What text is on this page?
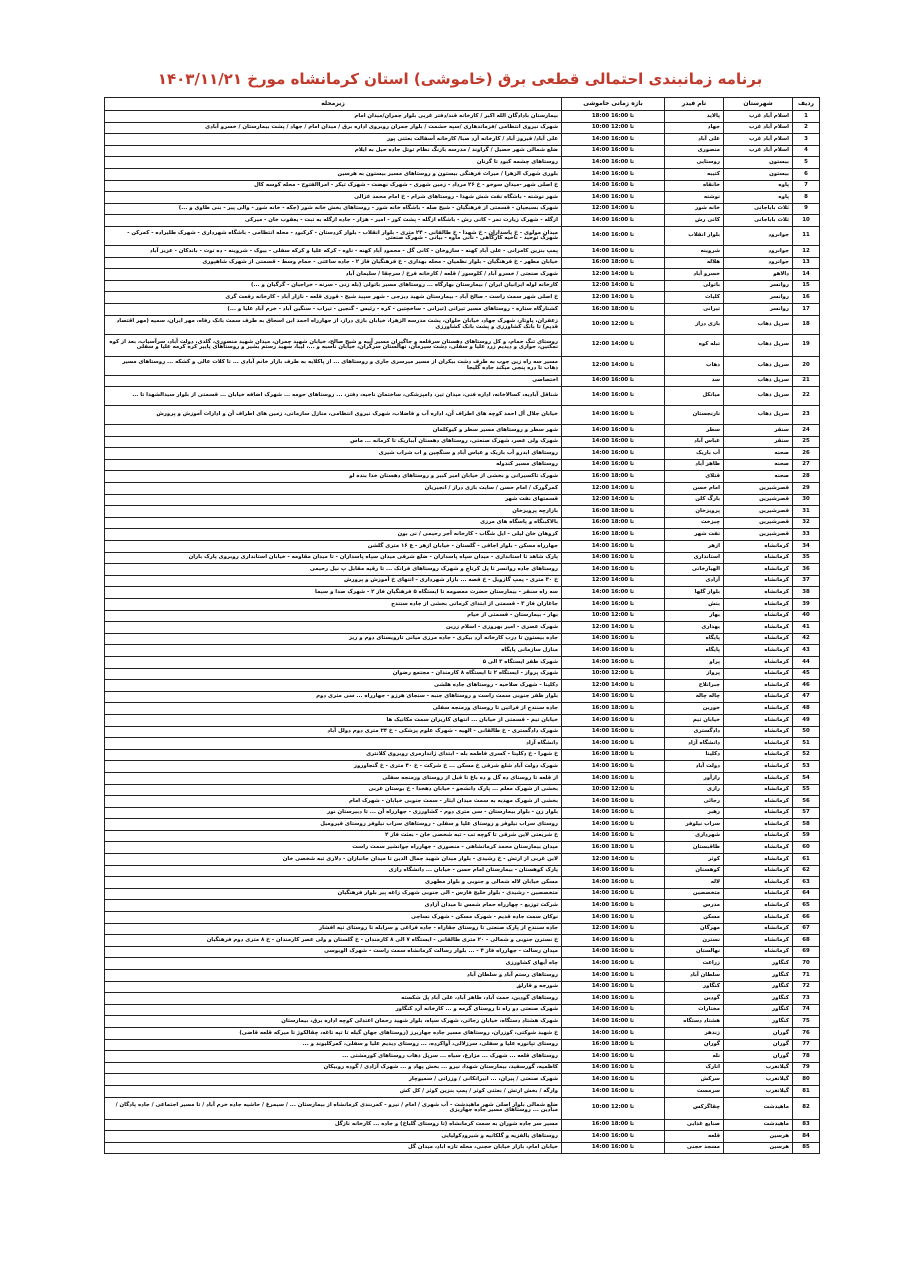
برنامه زمانبندی احتمالی قطعی برق (خاموشی) استان کرمانشاه مورخ ۱۴۰۳/۱۱/۲۱
ردیف	شهرستان	نام فیدر	بازه زمانی خاموشی	زیرمحله
1	اسلام آباد غرب	پالاید	18:00 تا 16:00	بیمارستان بادادگان الله اکبر / کارخانه قند/دفتر غربی بلوار جمران/میدان امام
2	اسلام آباد غرب	جهاد	10:00 تا 12:00	شهرک نیروی انتظامی /فرماندهاری /سپه حشمت / بلوار جمران روبروی اداره برق / میدان امام / جهاد / پشت بیمارستان / خسرو آبادی
3	اسلام آباد غرب	علی آباد	14:00 تا 16:00	علی آباد/ فیروز آباد / کارخانه آرد صبا/ کارخانه آسفالت بعثتی پور
4	اسلام آباد غرب	منصوری	14:00 تا 16:00	ضلع شمالی شهر حصیل / گراوند / مدرسه بازنگ نظام توتل جاده حیل به ایلام
5	بیستون	روستایی	14:00 تا 16:00	روستاهای چشمه کبود تا گرنان
6	بیستون	کتیبه	14:00 تا 16:00	بلوری شهرک الزهرا / میراث فرهنگی بیستون و روستاهای مسیر بیستون به هرسین
7	پاوه	خانقاه	14:00 تا 16:00	خ اصلی شهر -میدان سوخو - خ ۲۶ مرداد - زمین شهری - شهرک نهضت - شهرک تیکر - امراالفتوح - محله کوسه کال
8	پاوه	نوشته	14:00 تا 16:00	شهر نوشته - باشگاه نفت شش شهدا - روستاهای شرام - خ امام محمد غزالی
9	ثلاث باباجانی	خانه شور	12:00 تا 14:00	شهرک بسیجیان - قسمتی از فرهنگیان - شیخ صله - باشگاه خانه شور - روستاهای بخش خانه شور (جکه - خانه شور - والی پیر - بنی طاوی و ...)
10	ثلاث باباجانی	کانی رش	14:00 تا 16:00	ازگله - شهرک زیارت نمر - کانی رش - باشگاه ازگله - پشت کور - امیر - هزار - جاده ازگله به تبت - یعقوب خان - میرکی
11	جوانرود	بلوار انقلاب	14:00 تا 16:00	میدان مولوی - خ پاسداران - خ شهدا - خ طالقانی - ۲۴ متری - بلوار انقلاب - بلوار کردستان - کرکبود - محله انتظامی - باشگاه شهرداری - شهرک طلیراده - کمرکن - شهرک توحید - ناحیه کارگاهی - نانی ماوه - بیانی - شهرک صنعتی
12	جوانرود	شروینه	14:00 تا 16:00	پمپ بنزین کامرانی - علی آباد کهنه - سازوخان - کانی گل - محمود آباد کهنه - ناوه - کرکه علیا و کرکه سفلی - بیوک - شروینه - ده توت - باندکان - عزیز آباد
13	جوانرود	هلاله	16:00 تا 18:00	خیابان مطهر - خ فرهنگیان - بلوار نظمیان - محله بهداری - خ فرهنگیان فاز ۲ - جاده ساعتی - حمام وسط - قسمتی از شهرک شاهپوری
14	دالاهو	خسرو آباد	12:00 تا 14:00	شهرک صنعتی / خسرو آباد / کلوسور / قلعه / کارخانه فرخ / سرچقا / سلیمان آباد
15	روانسر	باتولی	12:00 تا 14:00	کارخانه لوله ایرانیان ایران / بیمارستان بهارگاه ... روستاهای مسیر باتولی (بله زنی - سرنه - خراجیان - گرگیان و ...)
16	روانسر	کلیات	12:00 تا 14:00	خ اصلی شهر سمت راست - صالح آباد - بیمارستان شهید دیزجی - شهر سپید شیخ - قوری قلعه - نازار آباد - کارخانه رفعت گری
17	روانسر	تیرانی	16:00 تا 18:00	کشتارگاه ستاره - روستاهای مسیر تیرانی (تیرانی - ساخچتین - کره - رئیس - گنجین - تیراب - سنگین آباد - خرم آباد علیا و ...)
18	سرپل ذهاب	بازی دراز	10:00 تا 12:00	زعفران، پاوتار، شهرک جهاد، خیابان حلوان، پشت مدرسه الزهرا، خیابان بازی دراز، از جهارراه احمد ابن اسحاق به طرف سمت بانک رفاه، مهر ایران، سمیه (مهر اقتصاد قدیم) تا بانک کشاورزی و پشت بانک کشاورزی
19	سرپل ذهاب	تبله کوه	12:00 تا 14:00	روستای تنگ حمام، و کل روستاهای دهستان سرقلعه و جاگیران مسیر آبیه و شیخ صالح، خیابان شهید چمران، میدان شهید منصوری، گلدی، دولت آباد، سرآسیاب، بعد از کوه نمکتین، حواری و دیدیم زرد علیا و سفلی، دشت سیرمان، نهالستان سرگران، خیابان ناسبه و ...، لیبا، سهید رستم بشیر و روستاهای پاییر کره کرمه علیا و سفلی
20	سرپل ذهاب	ذهاب	12:00 تا 14:00	مسیر سه راه زین جوب به طرف دشت بیکران از مسیر میرسری جاری و روستاهای ... از پاکلایه به طرف بازار خانم آبادی ... تا کلات عالی و کشکه ... روستاهای مسیر ذهاب تا دره پنجی میکند جاده گلیجا
21	سرپل ذهاب	سد	14:00 تا 16:00	اختصاصی
22	سرپل ذهاب	میانکل	14:00 تا 16:00	شناقل آبادیه، کسالاخانه، اداره فنی، میدان تیر، دامپزشکی، ساختمان ناحیه، دفتر، ... روستاهای حومه ... شهرک اضافه خیابان ... قسمتی از بلوار سیدالشهدا تا ...
23	سرپل ذهاب	نارنجستان	14:00 تا 16:00	خیابان جلال آل احمد کوچه های اطراف آن، اداره آب و فاضلاب، شهرک نیروی انتظامی، منازل سازمانی، زمین های اطراف آن و ادارات آموزش و پرورش
24	سنقر	سطر	14:00 تا 16:00	شهر سطر و روستاهای مسیر سطر و کیوکلمان
25	سنقر	عباس آباد	14:00 تا 16:00	شهرک ولی عصر، شهرک صنعتی، روستاهای دهستان آبباریک تا کرمانه ... ماس
26	صحنه	آب باریک	14:00 تا 16:00	روستاهای ابدرو آب باریک و عباس آباد و سنگچین و اب شراب شیری
27	صحنه	طاهر آباد	14:00 تا 16:00	روستاهای مسیر کندوله
28	صحنه	قتلای	16:00 تا 18:00	شهرک تاکسیرانی و بخشی از خیابان امیر کبیر و روستاهای دهستان خدا بنده لو
29	قصرشیرین	امام حسن	12:00 تا 14:00	کمرگورک / امام حسن / سایت بازی دراز / انجیریان
30	قصرشیرین	بارگ کلن	12:00 تا 14:00	قسمتهای نفت شهر
31	قصرشیرین	پرویزخان	16:00 تا 18:00	بازارچه پرویزخان
32	قصرشیرین	چیزخت	16:00 تا 18:00	بالاکبنگاه و پاسگاه های مرزی
33	قصرشیرین	نفت شهر	16:00 تا 18:00	کروهان خان لیلی - ایل شگاب - کارخانه آجر رحیمی / نی بون
34	کرمانشاه	ازهر	14:00 تا 16:00	جهارراه مسکن - بلوار اجاقی - گلستان - خیابان ازهر - ع ۱۶ متری گلشن
35	کرمانشاه	استانداری	14:00 تا 16:00	پارک شاهد تا استانداری - میدان سپاه پاسداران - ضلع شرقی میدان سپاه پاسداران - تا میدان مقاومه - خیابان استانداری روبروی پارک باران
36	کرمانشاه	الهیارخانی	14:00 تا 16:00	روستاهای جاده روانسر تا پل کرناچ و شهرک روستاهای فرانک ... تا رقیه مقابل پ نیل رحیمی
37	کرمانشاه	آزادی	12:00 تا 14:00	خ ۳۰ متری - پمپ گازویل - خ قصه ... بازار شهرداری - انتهای خ آموزش و پرورش
38	کرمانشاه	بلوار گلها	14:00 تا 16:00	سه راه سنقر - بیمارستان حضرت معصومه تا ایستگاه ۵ فرهنگیان فاز ۲ - شهرک صدا و سیما
39	کرمانشاه	بنش	14:00 تا 16:00	جاغاران فاز ۳ - قسمتی از ابتدای کرمانی بخشی از جاده سنندج
40	کرمانشاه	بهار	10:00 تا 12:00	بهار - بیمارستان - قسمتی از خیام
41	کرمانشاه	بهداری	12:00 تا 14:00	شهرک عصری - امیر بهروزی - اسلام زرین
42	کرمانشاه	پایگاه	14:00 تا 16:00	جاده بیستون تا درب کارخانه آرد بیکری - جاده مرزی میانی تارویستای دوم و ریز
43	کرمانشاه	پایگاه	14:00 تا 16:00	منازل سازمانی پایگاه
44	کرمانشاه	پراو	14:00 تا 16:00	شهرک ظفر ایستگاه ۳ الی ۵
45	کرمانشاه	پرواز	10:00 تا 12:00	شهرک پرواز - ایستگاه ۲ تا ایستگاه ۸ کارمندان - مجتمع رضوان
46	کرمانشاه	جبرانلاح	12:00 تا 14:00	دکلینا - شهرک صلاحیه - روستاهای جاده هلشی
47	کرمانشاه	چاله چاله	14:00 تا 16:00	بلوار ظفر جنوبی سمت راست و روستاهای جنبه - سنجای هرزو - جهارراه ... سی متری دوم
48	کرمانشاه	خورین	16:00 تا 18:00	جاده سنندج از فراتین تا روستای ورمنجه سفلی
49	کرمانشاه	خیابان تیم	14:00 تا 16:00	خیابان تیم - قسمتی از خیابان ... انتهای کاریزان سمت مکانیک ها
50	کرمانشاه	دادگستری	14:00 تا 16:00	شهرک دادگستری - خ طالقانی - الهیه - شهرک علوم پزشکی - خ ۲۴ متری دوم دولل آباد
51	کرمانشاه	دانشگاه آزاد	14:00 تا 16:00	دانشگاه آزاد
52	کرمانشاه	دکلینا	16:00 تا 18:00	خ شهرا - خ دکلینا - کسری فاطمه بله - ابتدای ژاندارمری روبروی کلانتری
53	کرمانشاه	دولت آباد	14:00 تا 16:00	شهرک دولت آباد شلع شرقی خ مسکن ... خ شرکت - خ ۴۰ متری - خ گنجاوروز
54	کرمانشاه	رازآور	14:00 تا 16:00	از قلعه تا روستای ده گل و ده باغ تا قبل از روستای ورمنجه سفلی
55	کرمانشاه	رازی	10:00 تا 12:00	بخشی از شهرک معلم ... پارک دانشجو - خیابان دهخدا - خ بوستان غربی
56	کرمانشاه	رجائی	14:00 تا 16:00	بخشی از شهرک مهدیه به سمت میدان ایثار - سمت جنوبی خیابان - شهرک امام
57	کرمانشاه	رهبر	14:00 تا 16:00	بلوار زن - بلوار بیمارستان - سی متری دوم - کشاورزی - جهارراه آن ... تا دبیرستان نور
58	کرمانشاه	سراب نیلوفر	14:00 تا 16:00	روستای سراب نیلوفر و روستای علیا و سفلی - روستاهای سراب نیلوفر روستای قیرومیل
59	کرمانشاه	شهرداری	14:00 تا 16:00	خ شریعتی لاین شرقی تا کوچه تب - تبه شخصی خان - بعثت فاز ۲
60	کرمانشاه	طاقبستان	16:00 تا 18:00	میدان بیمارستان محمد کرمانشاهی - منصوری - جهارراه جوانشیر سمت راست
61	کرمانشاه	کوثر	12:00 تا 14:00	لاین غربی از ارتش - خ رشیدی - بلوار میدان شهید جمال الدین تا میدان جانبازان - دلاری تبه شخصی خان
62	کرمانشاه	کوهسنان	14:00 تا 16:00	پارک کوهستان - بیمارستان امام حسن - خیابان ... دانشگاه رازی
63	کرمانشاه	لاله	14:00 تا 16:00	مسکن خیابان لاله شمالی و جنوبی و بلوار مطهری
64	کرمانشاه	متخصصین	14:00 تا 16:00	متخصصین - رشیدی - بلوار خلیج فارس - الی جنوبی شهرک زاغه پیر بلوار فرهنگیان
65	کرمانشاه	مدرس	14:00 تا 16:00	شرکت توزیع - چهارراه حمام شمس تا میدان آزادی
66	کرمانشاه	مسکن	14:00 تا 16:00	نوکان سمت جاده قدیم - شهرک مسکن - شهرک نساجی
67	کرمانشاه	مهرگان	12:00 تا 14:00	جاده سنندج از پارک صنعتی تا روستای جقاراه - جاده فراغی و سرابله تا روستای تپه افشار
68	کرمانشاه	نسترن	14:00 تا 16:00	خ نسترن جنوبی و شمالی - ۲۰ متری طالقانی - ایستگاه ۷ الی ۸ کارمندان - خ گلستان و ولی عصر کارمندان - خ ۸ متری دوم فرهنگیان
69	کرمانشاه	نهالستان	14:00 تا 16:00	میدان رسالت - جهارراه فاز ۴ - ... بلوار رسالت کرمانشاه سمت راست - شهرک الوبوسی
70	کنگاور	زراعت	14:00 تا 16:00	چاه آبهای کشاورزی
71	کنگاور	سلطان آباد	14:00 تا 16:00	روستاهای رستم آباد و سلطان آباد
72	کنگاور	کنگاور	14:00 تا 16:00	شورجه و قارلق
73	کنگاور	گودین	14:00 تا 16:00	روستاهای گودین، حمت آباد، طاهر آباد، علی آباد پل شکسته
74	کنگاور	مختارات	14:00 تا 16:00	شهرک صنعتی دو راه تا روستای گرمه و ... کارخانه آرد کنگاور
75	کنگاور	هشتاد دستگاه	14:00 تا 16:00	شهرک هشتاد دستگاه، خیابان رجائی، شهرک سپاه، بلوار شهید رحمان اعتدلی کوچه اداره برق، بیمارستان
76	گوران	زندهر	14:00 تا 16:00	خ شهید شوکتی، کوزران، روستاهای مسیر جاده جهاربرز (روستاهای جهان گیله تا تپه تاغه، چقالکوژ تا میرکه قلعه قاضی)
77	گوران	گوران	16:00 تا 18:00	روستای تپانوره علیا و سفلی، سرزلالی، آواکرده، ... روستای دیدیم علیا و سفلی، کمرکلیوند و ...
78	گوران	نله	14:00 تا 16:00	روستاهای قلعه ... شهرک ... مزارع، سیاه ... سرپل ذهاب روستاهای کورمشتی ...
79	گیلانغرب	انارک	14:00 تا 16:00	کاظمیه، گورسفید، بیمارستان شهدا، نیرو ... بخش پهاد و ... شهرک آزادی / گوده روبیکان
80	گیلانغرب	سرکش	14:00 تا 16:00	شهرک صنعتی / پیران، ... ابیرانکانی / وززانی / سمیوچار
81	گیلانغرب	سرمست	14:00 تا 16:00	وارگه / بخش ارتش / بعثتی کوثر / پمپ بنزین کوثر / کل کش
82	ماهیدشت	چقاگرکس	10:00 تا 12:00	ضلع شمالی بلوار اصلی شهر ماهیدشت - آب شهری / امام / نیرو - کمربندی کرمانشاه از بیمارستان ... / سیمرغ / حاشیه جاده خرم آباد / تا مسیر اجتماعی / جاده پادگان / مبادین ... روستاهای مسیر جاده جهاربزی
83	ماهیدشت	صنایع غذایی	16:00 تا 18:00	مسیر سر جاده شوران به سمت کرمانشاه (تا روستای گلباخ) و جاده ... کارخانه نازگل
84	هرسین	قلعه	14:00 تا 16:00	روستاهای یالفزیه و گلکانیه و شیرودکولیایی
85	هرسین	مسجد حجنی	14:00 تا 16:00	خیابان امام، بازار خیابان حجنی، محله تازه اباد، میدان گل
